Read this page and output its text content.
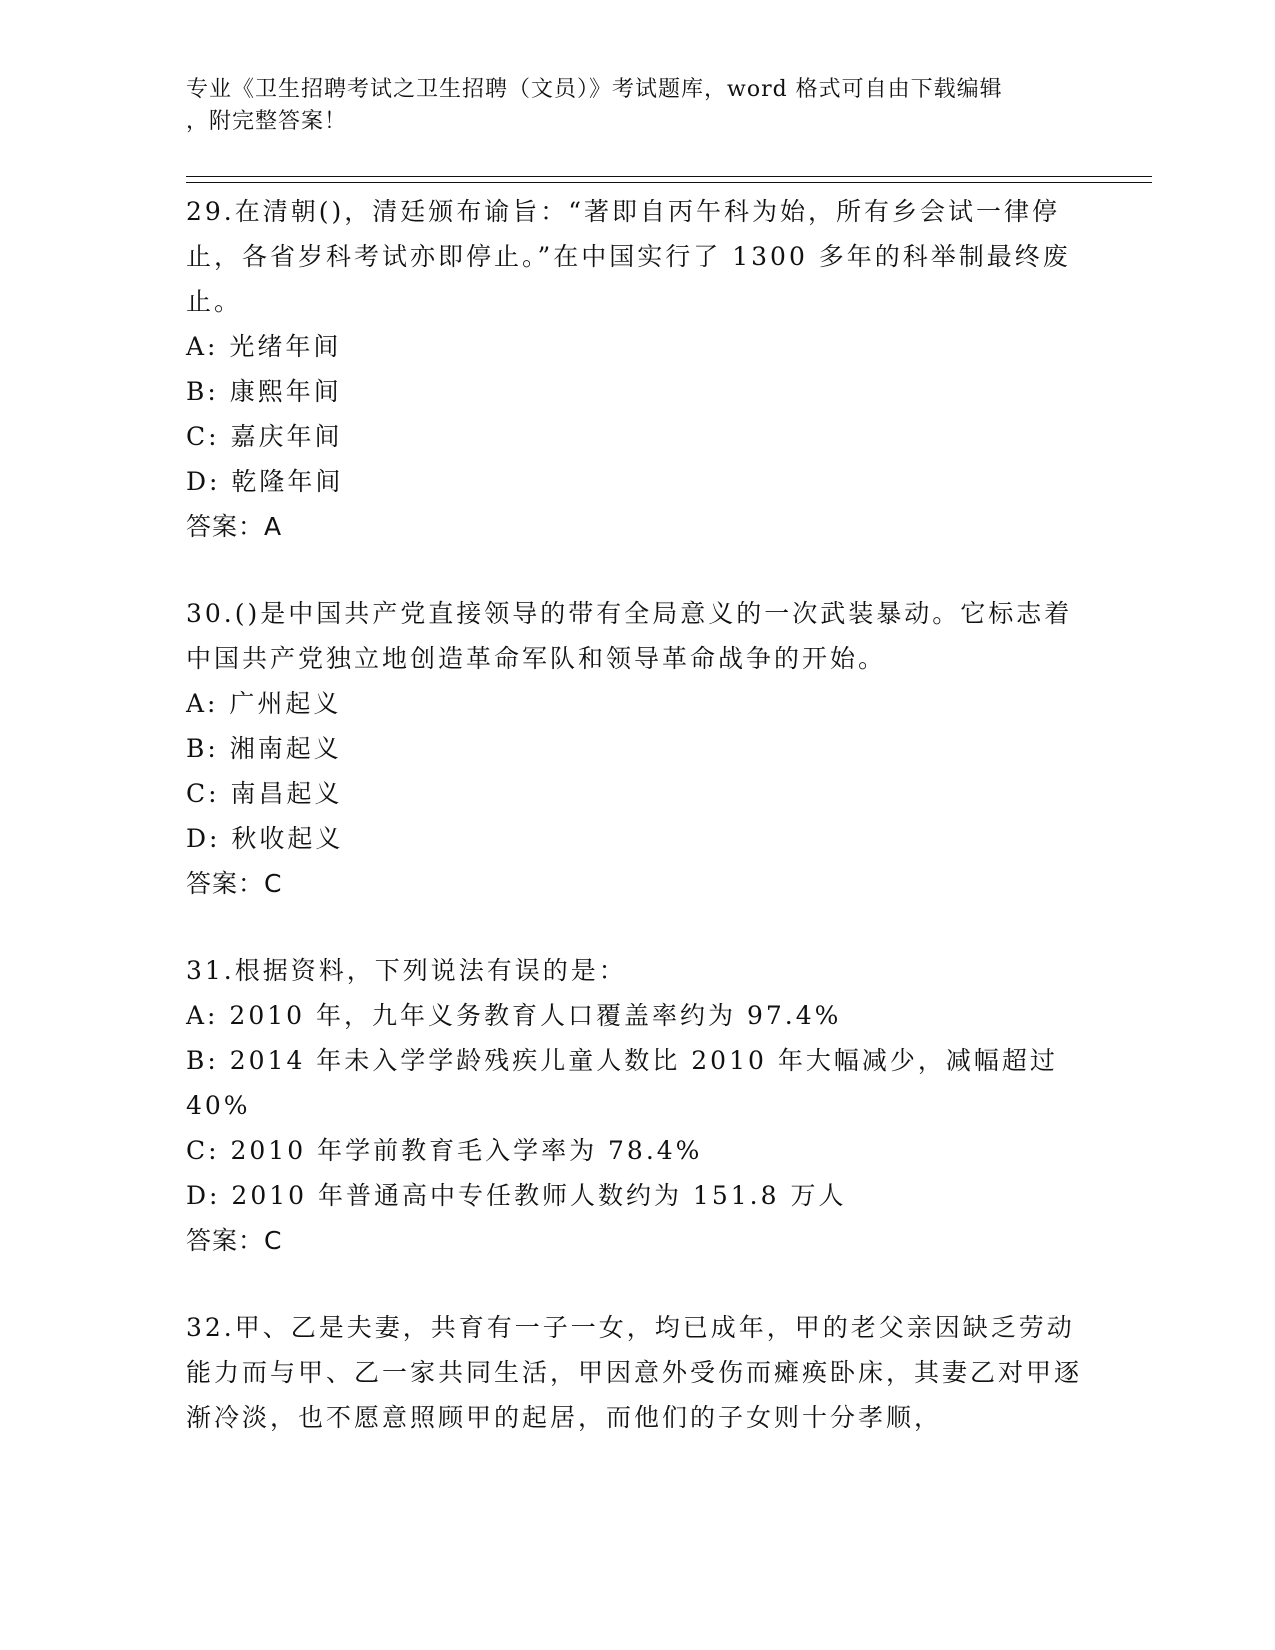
专业《卫生招聘考试之卫生招聘（文员）》考试题库，word 格式可自由下载编辑
，附完整答案！

29.在清朝()，清廷颁布谕旨：“著即自丙午科为始，所有乡会试一律停止，各省岁科考试亦即停止。”在中国实行了 1300 多年的科举制最终废止。

A: 光绪年间

B: 康熙年间

C: 嘉庆年间

D: 乾隆年间

答案：A

30.()是中国共产党直接领导的带有全局意义的一次武装暴动。它标志着中国共产党独立地创造革命军队和领导革命战争的开始。

A: 广州起义

B: 湘南起义

C: 南昌起义

D: 秋收起义

答案：C

31.根据资料，下列说法有误的是：

A: 2010 年，九年义务教育人口覆盖率约为 97.4%

B: 2014 年未入学学龄残疾儿童人数比 2010 年大幅减少，减幅超过 40%

C: 2010 年学前教育毛入学率为 78.4%

D: 2010 年普通高中专任教师人数约为 151.8 万人

答案：C

32.甲、乙是夫妻，共育有一子一女，均已成年，甲的老父亲因缺乏劳动能力而与甲、乙一家共同生活，甲因意外受伤而瘫痪卧床，其妻乙对甲逐渐冷淡，也不愿意照顾甲的起居，而他们的子女则十分孝顺，
